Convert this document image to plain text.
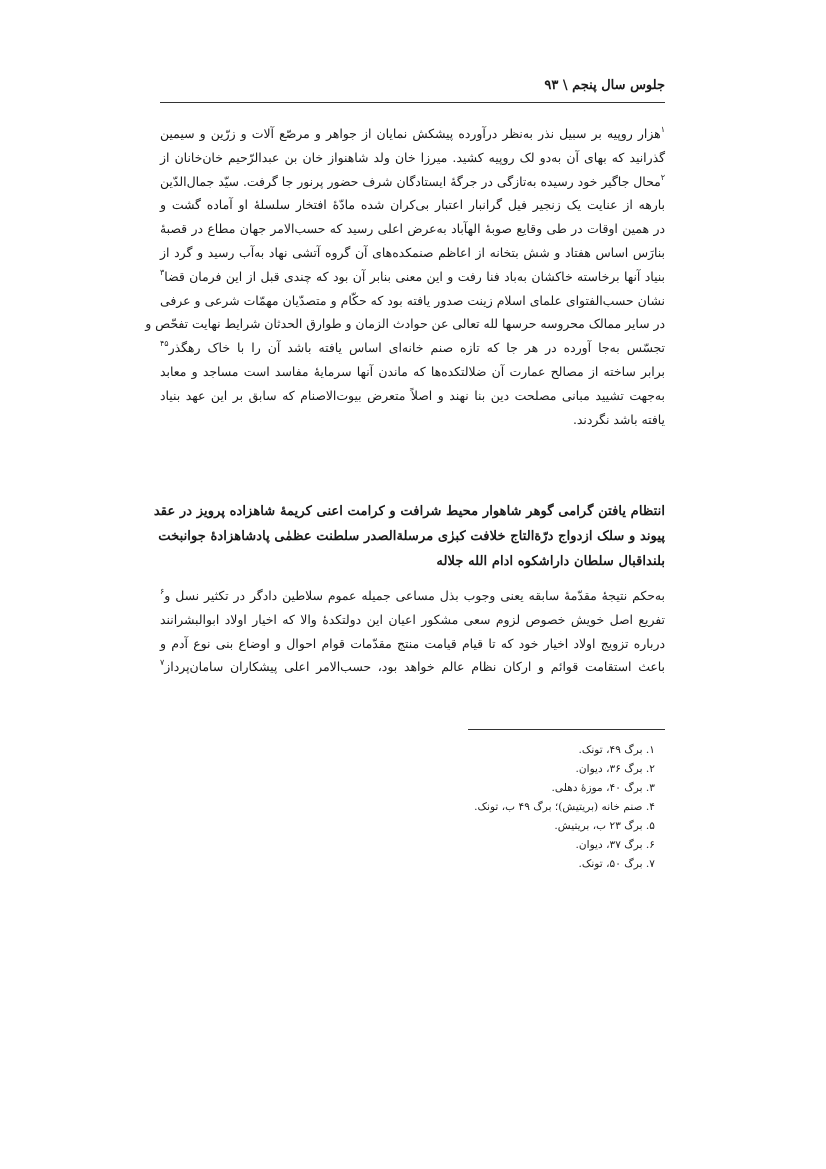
جلوس سال پنجم \ ۹۳
$^۱$هزار روپیه بر سبیل نذر به‌نظر درآورده پیشکش نمایان از جواهر و مرصّع آلات و زرّین و سیمین
گذرانید که بهای آن به‌دو لک روپیه کشید. میرزا خان ولد شاهنواز خان بن عبدالرّحیم خان‌خانان از
$^۲$محال جاگیر خود رسیده به‌تازگی در جرگهٔ ایستادگان شرف حضور پرنور جا گرفت. سیّد جمال‌الدّین
بارهه از عنایت یک زنجیر فیل گرانبار اعتبار بی‌کران شده مادّهٔ افتخار سلسلهٔ او آماده گشت و
در همین اوقات در طی وقایع صوبهٔ الهآباد به‌عرض اعلی رسید که حسب‌الامر جهان مطاع در قصبهٔ
بنارَس اساس هفتاد و شش بتخانه از اعاظم صنمکده‌های آن گروه آتشی نهاد به‌آب رسید و گرد از
بنیاد آنها برخاسته خاکشان به‌باد فنا رفت و این معنی بنابر آن بود که چندی قبل از این فرمان قضا$^۳$
نشان حسب‌الفتوای علمای اسلام زینت صدور یافته بود که حکّام و متصدّیان مهمّات شرعی و عرفی
در سایر ممالک محروسه حرسها لله تعالی عن حوادث الزمان و طوارق الحدثان شرایط نهایت تفحّص و
تجسّس به‌جا آورده در هر جا که تازه صنم خانه‌ای اساس یافته باشد آن را با خاک رهگذر$^{۴۵}$
برابر ساخته از مصالح عمارت آن ضلالتکده‌ها که ماندن آنها سرمایهٔ مفاسد است مساجد و معابد
به‌جهت تشیید مبانی مصلحت دین بنا نهند و اصلاً متعرض بیوت‌الاصنام که سابق بر این عهد بنیاد
یافته باشد نگردند.
انتظام یافتن گرامی گوهر شاهوار محیط شرافت و کرامت اعنی کریمهٔ شاهزاده پرویز در عقد
پیوند و سلک ازدواج درّةالتاج خلافت کبرٰی مرسلةالصدر سلطنت عظمٰی پادشاهزادهٔ جوانبخت
بلنداقبال سلطان داراشکوه ادام الله جلاله
به‌حکم نتیجهٔ مقدّمهٔ سابقه یعنی وجوب بذل مساعی جمیله عموم سلاطین دادگر در تکثیر نسل و$^۶$
تفریع اصل خویش خصوص لزوم سعی مشکور اعیان این دولتکدهٔ والا که اخیار اولاد ابوالبشرانند
درباره تزویج اولاد اخیار خود که تا قیام قیامت منتج مقدّمات قوام احوال و اوضاع بنی نوع آدم و
باعث استقامت قوائم و ارکان نظام عالم خواهد بود، حسب‌الامر اعلی پیشکاران سامان‌پرداز$^۷$
۱. برگ ۴۹، تونک.
۲. برگ ۳۶، دیوان.
۳. برگ ۴۰، موزهٔ دهلی.
۴. صنم خانه (بریتیش)؛ برگ ۴۹ ب، تونک.
۵. برگ ۲۳ ب، بریتیش.
۶. برگ ۳۷، دیوان.
۷. برگ ۵۰، تونک.
